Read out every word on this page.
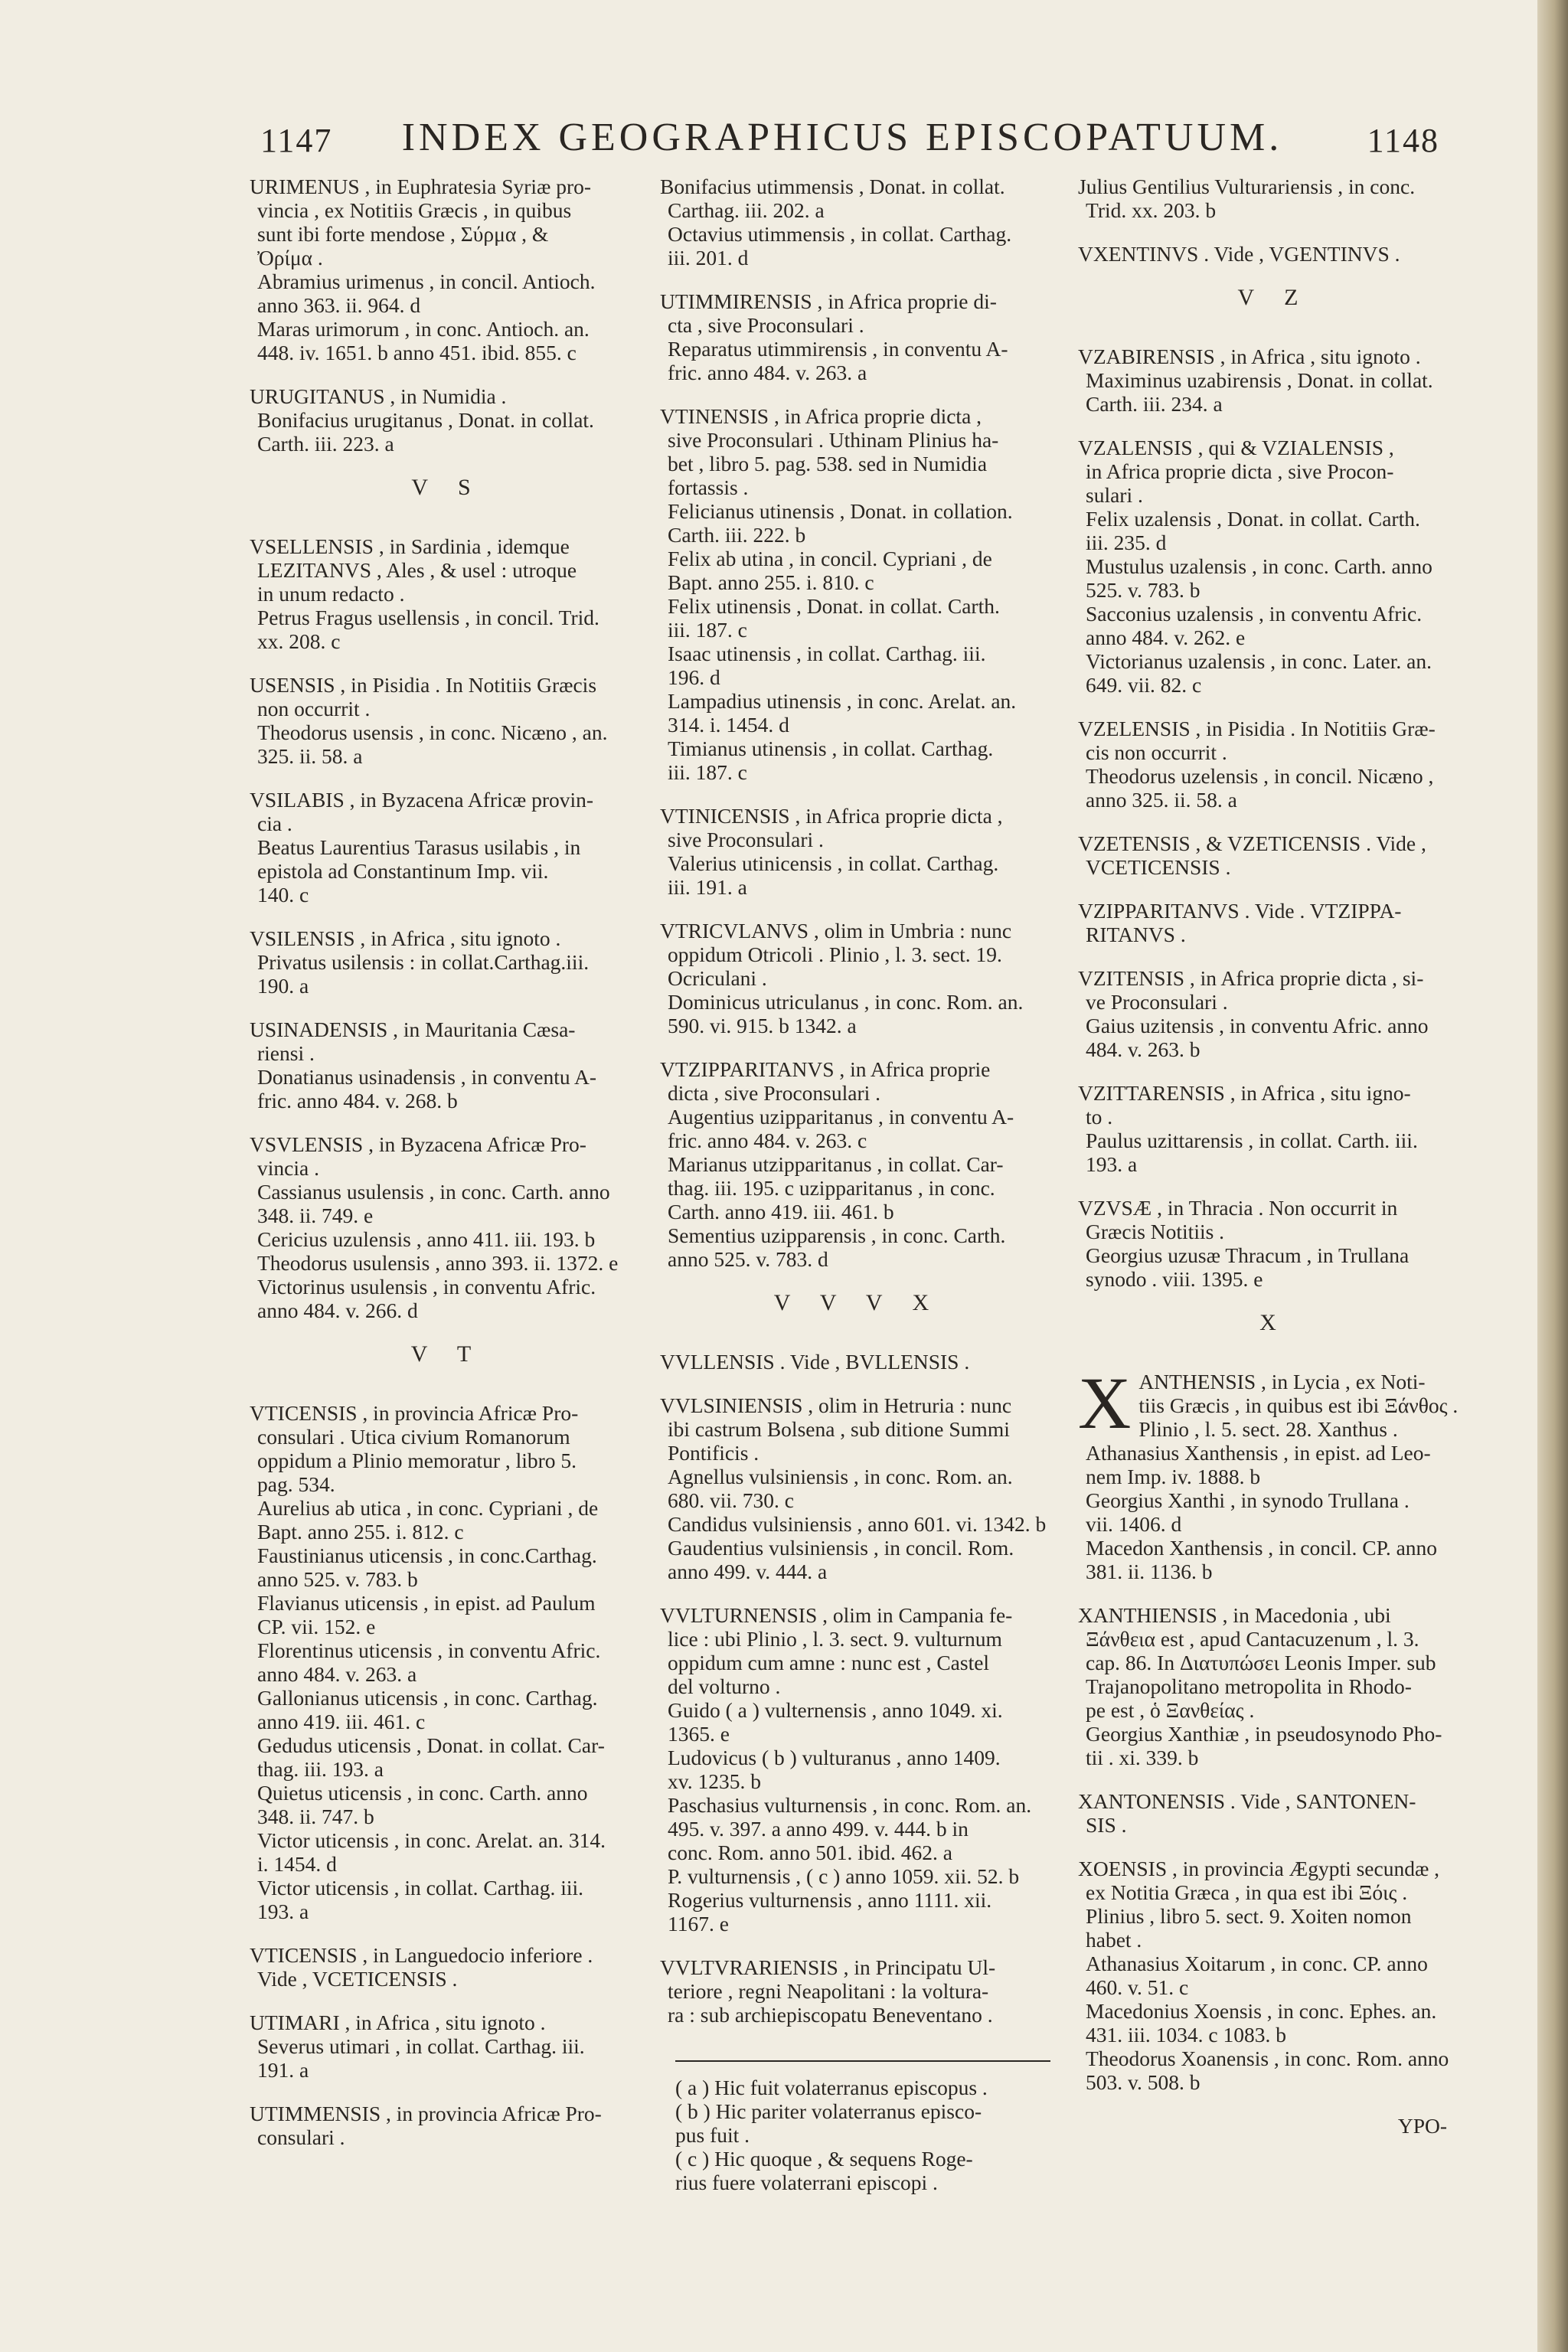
1147	INDEX GEOGRAPHICUS EPISCOPATUUM.	1148
URIMENUS , in Euphratesia Syriæ pro-
vincia , ex Notitiis Græcis , in quibus
sunt ibi forte mendose , Σύρμα , &
Ὀρίμα .
Abramius urimenus , in concil. Antioch.
anno 363. ii. 964. d
Maras urimorum , in conc. Antioch. an.
448. iv. 1651. b anno 451. ibid. 855. c
URUGITANUS , in Numidia .
Bonifacius urugitanus , Donat. in collat.
Carth. iii. 223. a
V S
VSELLENSIS , in Sardinia , idemque
LEZITANVS , Ales , & usel : utroque
in unum redacto .
Petrus Fragus usellensis , in concil. Trid.
xx. 208. c
USENSIS , in Pisidia . In Notitiis Græcis
non occurrit .
Theodorus usensis , in conc. Nicæno , an.
325. ii. 58. a
VSILABIS , in Byzacena Africæ provin-
cia .
Beatus Laurentius Tarasus usilabis , in
epistola ad Constantinum Imp. vii.
140. c
VSILENSIS , in Africa , situ ignoto .
Privatus usilensis : in collat.Carthag.iii.
190. a
USINADENSIS , in Mauritania Cæsa-
riensi .
Donatianus usinadensis , in conventu A-
fric. anno 484. v. 268. b
VSVLENSIS , in Byzacena Africæ Pro-
vincia .
Cassianus usulensis , in conc. Carth. anno
348. ii. 749. e
Cericius uzulensis , anno 411. iii. 193. b
Theodorus usulensis , anno 393. ii. 1372. e
Victorinus usulensis , in conventu Afric.
anno 484. v. 266. d
V T
VTICENSIS , in provincia Africæ Pro-
consulari . Utica civium Romanorum
oppidum a Plinio memoratur , libro 5.
pag. 534.
Aurelius ab utica , in conc. Cypriani , de
Bapt. anno 255. i. 812. c
Faustinianus uticensis , in conc.Carthag.
anno 525. v. 783. b
Flavianus uticensis , in epist. ad Paulum
CP. vii. 152. e
Florentinus uticensis , in conventu Afric.
anno 484. v. 263. a
Gallonianus uticensis , in conc. Carthag.
anno 419. iii. 461. c
Gedudus uticensis , Donat. in collat. Car-
thag. iii. 193. a
Quietus uticensis , in conc. Carth. anno
348. ii. 747. b
Victor uticensis , in conc. Arelat. an. 314.
i. 1454. d
Victor uticensis , in collat. Carthag. iii.
193. a
VTICENSIS , in Languedocio inferiore .
Vide , VCETICENSIS .
UTIMARI , in Africa , situ ignoto .
Severus utimari , in collat. Carthag. iii.
191. a
UTIMMENSIS , in provincia Africæ Pro-
consulari .
Bonifacius utimmensis , Donat. in collat.
Carthag. iii. 202. a
Octavius utimmensis , in collat. Carthag.
iii. 201. d
UTIMMIRENSIS , in Africa proprie di-
cta , sive Proconsulari .
Reparatus utimmirensis , in conventu A-
fric. anno 484. v. 263. a
VTINENSIS , in Africa proprie dicta ,
sive Proconsulari . Uthinam Plinius ha-
bet , libro 5. pag. 538. sed in Numidia
fortassis .
Felicianus utinensis , Donat. in collation.
Carth. iii. 222. b
Felix ab utina , in concil. Cypriani , de
Bapt. anno 255. i. 810. c
Felix utinensis , Donat. in collat. Carth.
iii. 187. c
Isaac utinensis , in collat. Carthag. iii.
196. d
Lampadius utinensis , in conc. Arelat. an.
314. i. 1454. d
Timianus utinensis , in collat. Carthag.
iii. 187. c
VTINICENSIS , in Africa proprie dicta ,
sive Proconsulari .
Valerius utinicensis , in collat. Carthag.
iii. 191. a
VTRICVLANVS , olim in Umbria : nunc
oppidum Otricoli . Plinio , l. 3. sect. 19.
Ocriculani .
Dominicus utriculanus , in conc. Rom. an.
590. vi. 915. b 1342. a
VTZIPPARITANVS , in Africa proprie
dicta , sive Proconsulari .
Augentius uzipparitanus , in conventu A-
fric. anno 484. v. 263. c
Marianus utzipparitanus , in collat. Car-
thag. iii. 195. c uzipparitanus , in conc.
Carth. anno 419. iii. 461. b
Sementius uzipparensis , in conc. Carth.
anno 525. v. 783. d
V V V X
VVLLENSIS . Vide , BVLLENSIS .
VVLSINIENSIS , olim in Hetruria : nunc
ibi castrum Bolsena , sub ditione Summi
Pontificis .
Agnellus vulsiniensis , in conc. Rom. an.
680. vii. 730. c
Candidus vulsiniensis , anno 601. vi. 1342. b
Gaudentius vulsiniensis , in concil. Rom.
anno 499. v. 444. a
VVLTURNENSIS , olim in Campania fe-
lice : ubi Plinio , l. 3. sect. 9. vulturnum
oppidum cum amne : nunc est , Castel
del volturno .
Guido ( a ) vulternensis , anno 1049. xi.
1365. e
Ludovicus ( b ) vulturanus , anno 1409.
xv. 1235. b
Paschasius vulturnensis , in conc. Rom. an.
495. v. 397. a anno 499. v. 444. b in
conc. Rom. anno 501. ibid. 462. a
P. vulturnensis , ( c ) anno 1059. xii. 52. b
Rogerius vulturnensis , anno 1111. xii.
1167. e
VVLTVRARIENSIS , in Principatu Ul-
teriore , regni Neapolitani : la voltura-
ra : sub archiepiscopatu Beneventano .
( a ) Hic fuit volaterranus episcopus .
( b ) Hic pariter volaterranus episco-
pus fuit .
( c ) Hic quoque , & sequens Roge-
rius fuere volaterrani episcopi .
Julius Gentilius Vulturariensis , in conc.
Trid. xx. 203. b
VXENTINVS . Vide , VGENTINVS .
V Z
VZABIRENSIS , in Africa , situ ignoto .
Maximinus uzabirensis , Donat. in collat.
Carth. iii. 234. a
VZALENSIS , qui & VZIALENSIS ,
in Africa proprie dicta , sive Procon-
sulari .
Felix uzalensis , Donat. in collat. Carth.
iii. 235. d
Mustulus uzalensis , in conc. Carth. anno
525. v. 783. b
Sacconius uzalensis , in conventu Afric.
anno 484. v. 262. e
Victorianus uzalensis , in conc. Later. an.
649. vii. 82. c
VZELENSIS , in Pisidia . In Notitiis Græ-
cis non occurrit .
Theodorus uzelensis , in concil. Nicæno ,
anno 325. ii. 58. a
VZETENSIS , & VZETICENSIS . Vide ,
VCETICENSIS .
VZIPPARITANVS . Vide . VTZIPPA-
RITANVS .
VZITENSIS , in Africa proprie dicta , si-
ve Proconsulari .
Gaius uzitensis , in conventu Afric. anno
484. v. 263. b
VZITTARENSIS , in Africa , situ igno-
to .
Paulus uzittarensis , in collat. Carth. iii.
193. a
VZVSÆ , in Thracia . Non occurrit in
Græcis Notitiis .
Georgius uzusæ Thracum , in Trullana
synodo . viii. 1395. e
X
X ANTHENSIS , in Lycia , ex Noti-
tiis Græcis , in quibus est ibi Ξάνθος .
Plinio , l. 5. sect. 28. Xanthus .
Athanasius Xanthensis , in epist. ad Leo-
nem Imp. iv. 1888. b
Georgius Xanthi , in synodo Trullana .
vii. 1406. d
Macedon Xanthensis , in concil. CP. anno
381. ii. 1136. b
XANTHIENSIS , in Macedonia , ubi
Ξάνθεια est , apud Cantacuzenum , l. 3.
cap. 86. In Διατυπώσει Leonis Imper. sub
Trajanopolitano metropolita in Rhodo-
pe est , ὁ Ξανθείας .
Georgius Xanthiæ , in pseudosynodo Pho-
tii . xi. 339. b
XANTONENSIS . Vide , SANTONEN-
SIS .
XOENSIS , in provincia Ægypti secundæ ,
ex Notitia Græca , in qua est ibi Ξόις .
Plinius , libro 5. sect. 9. Xoiten nomon
habet .
Athanasius Xoitarum , in conc. CP. anno
460. v. 51. c
Macedonius Xoensis , in conc. Ephes. an.
431. iii. 1034. c 1083. b
Theodorus Xoanensis , in conc. Rom. anno
503. v. 508. b
YPO-
